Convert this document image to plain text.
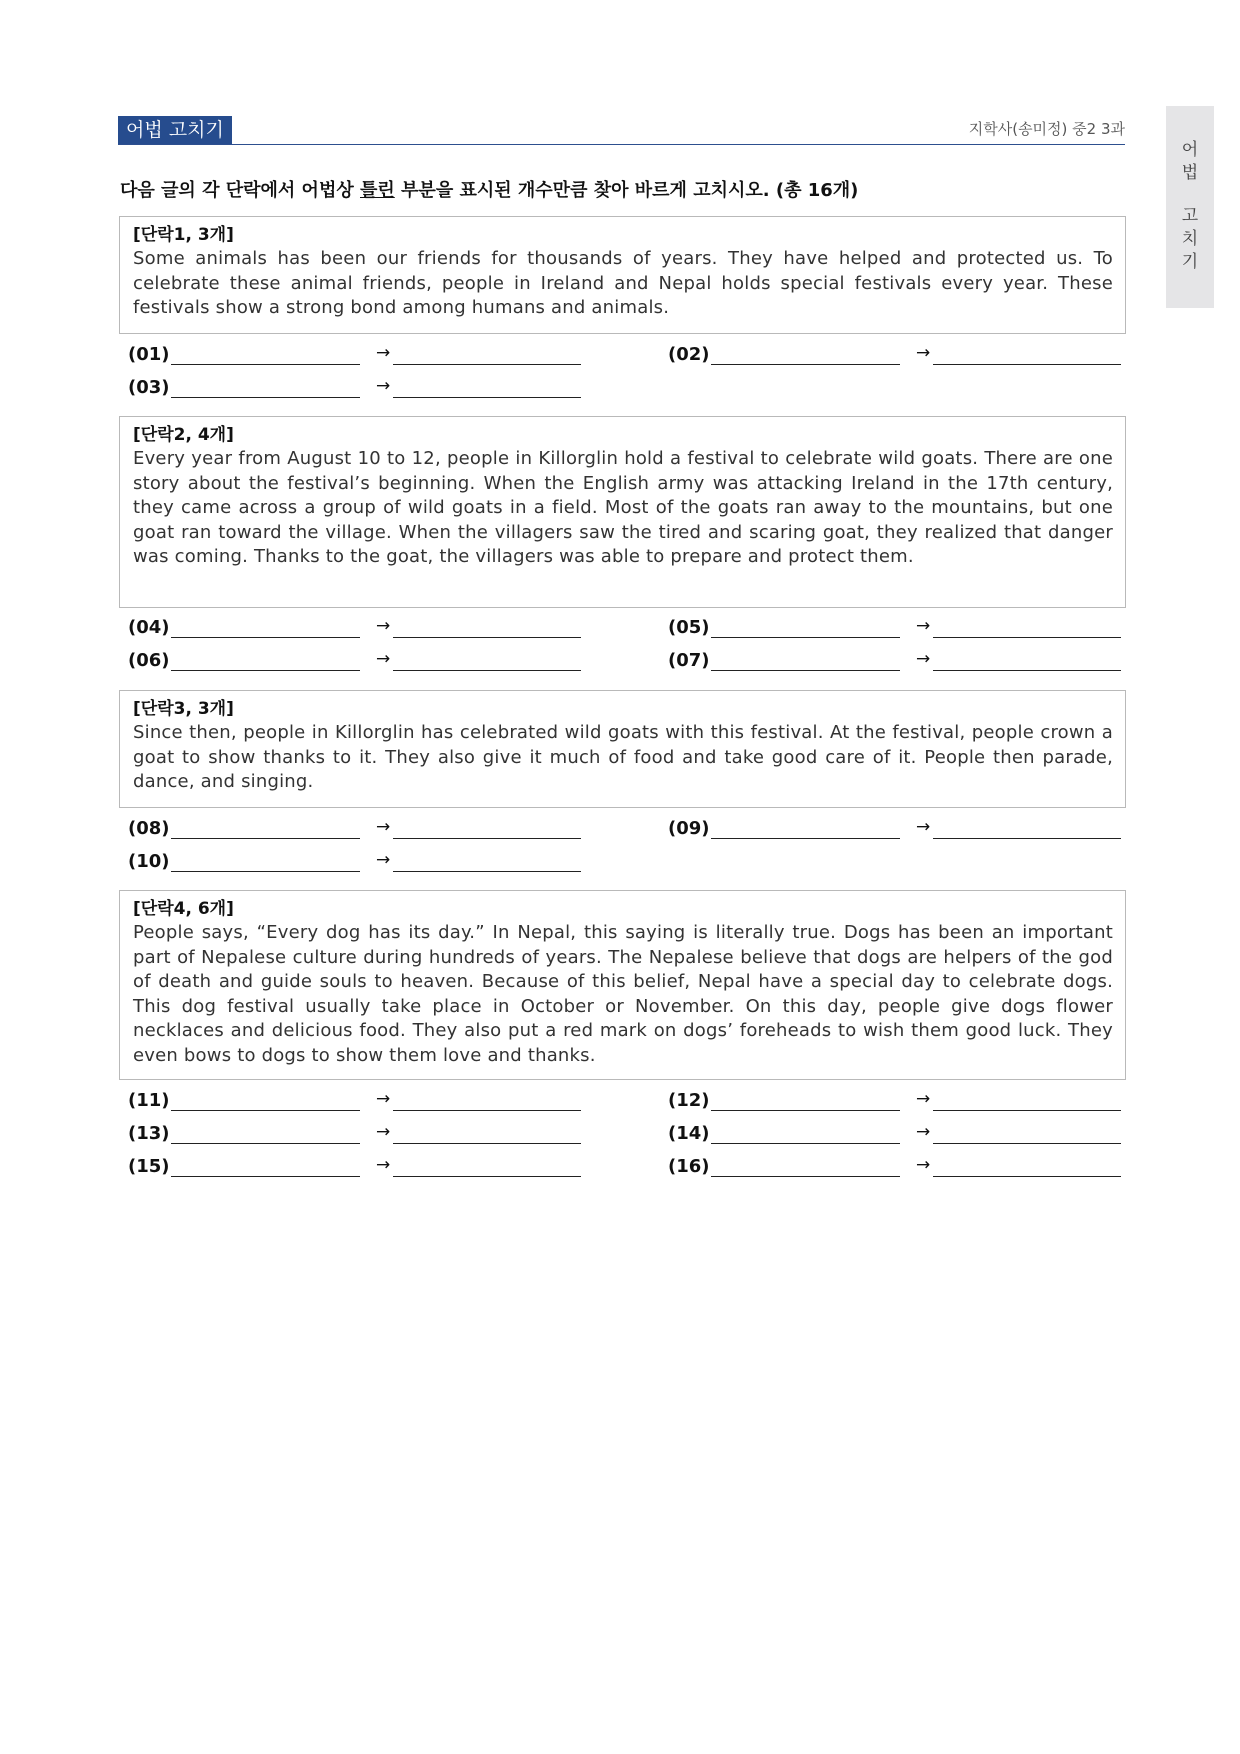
어
법
고
치
기
어법 고치기	지학사(송미정) 중2 3과
다음 글의 각 단락에서 어법상 틀린 부분을 표시된 개수만큼 찾아 바르게 고치시오. (총 16개)
[단락1, 3개]
Some animals has been our friends for thousands of years. They have helped and protected us. To celebrate these animal friends, people in Ireland and Nepal holds special festivals every year. These festivals show a strong bond among humans and animals.
(01)	→	(02)	→
(03)	→
[단락2, 4개]
Every year from August 10 to 12, people in Killorglin hold a festival to celebrate wild goats. There are one story about the festival’s beginning. When the English army was attacking Ireland in the 17th century, they came across a group of wild goats in a field. Most of the goats ran away to the mountains, but one goat ran toward the village. When the villagers saw the tired and scaring goat, they realized that danger was coming. Thanks to the goat, the villagers was able to prepare and protect them.
(04)	→	(05)	→
(06)	→	(07)	→
[단락3, 3개]
Since then, people in Killorglin has celebrated wild goats with this festival. At the festival, people crown a goat to show thanks to it. They also give it much of food and take good care of it. People then parade, dance, and singing.
(08)	→	(09)	→
(10)	→
[단락4, 6개]
People says, “Every dog has its day.” In Nepal, this saying is literally true. Dogs has been an important part of Nepalese culture during hundreds of years. The Nepalese believe that dogs are helpers of the god of death and guide souls to heaven. Because of this belief, Nepal have a special day to celebrate dogs. This dog festival usually take place in October or November. On this day, people give dogs flower necklaces and delicious food. They also put a red mark on dogs’ foreheads to wish them good luck. They even bows to dogs to show them love and thanks.
(11)	→	(12)	→
(13)	→	(14)	→
(15)	→	(16)	→
